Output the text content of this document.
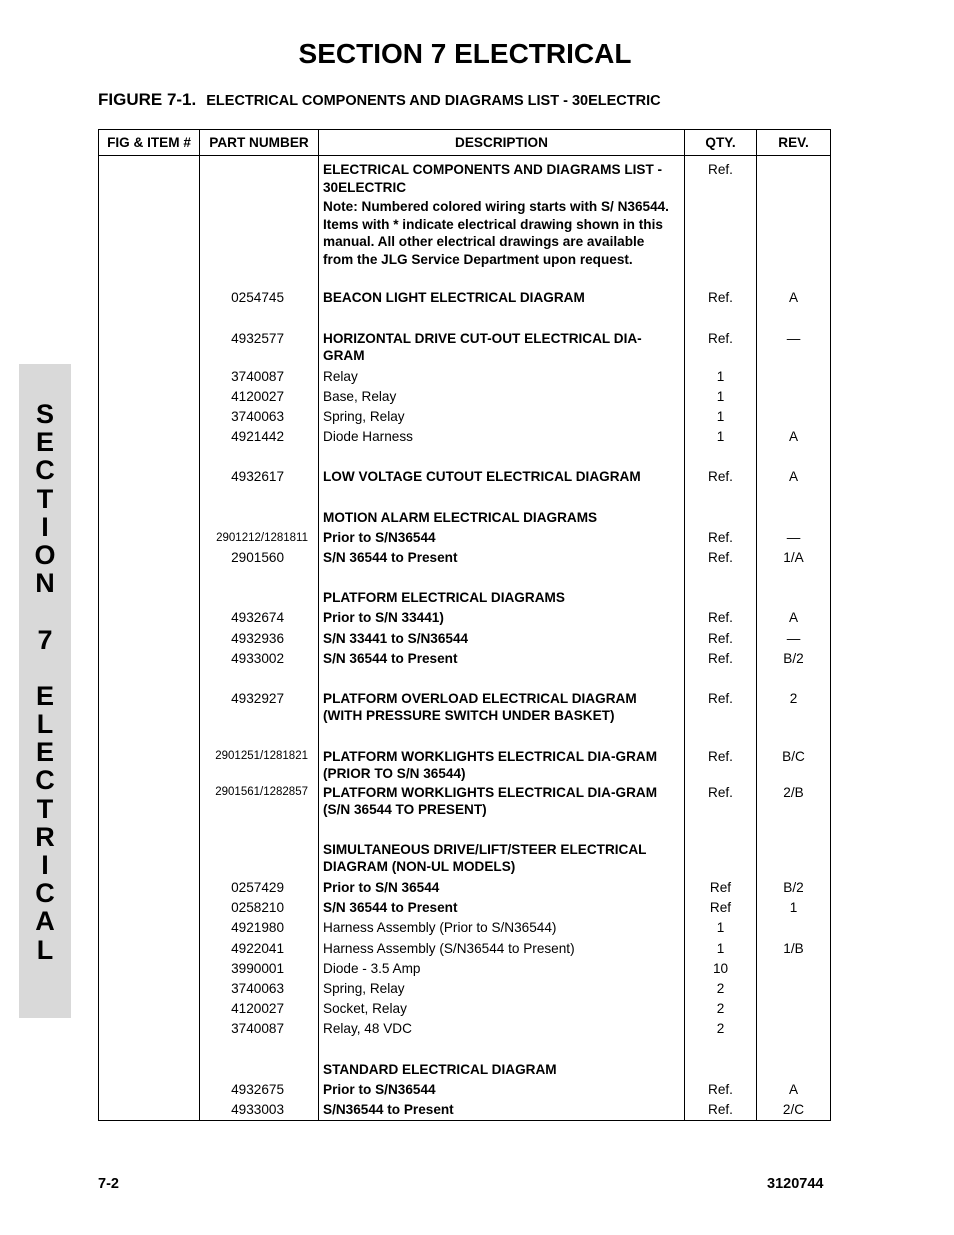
SECTION 7 ELECTRICAL
FIGURE 7-1. ELECTRICAL COMPONENTS AND DIAGRAMS LIST - 30ELECTRIC
S
E
C
T
I
O
N
7
E
L
E
C
T
R
I
C
A
L
FIG & ITEM #	PART NUMBER	DESCRIPTION	QTY.	REV.
		ELECTRICAL COMPONENTS AND DIAGRAMS LIST - 30ELECTRIC	Ref.	
		Note: Numbered colored wiring starts with S/ N36544. Items with * indicate electrical drawing shown in this manual. All other electrical drawings are available from the JLG Service Department upon request.		
	0254745	BEACON LIGHT ELECTRICAL DIAGRAM	Ref.	A
	4932577	HORIZONTAL DRIVE CUT-OUT ELECTRICAL DIA-GRAM	Ref.	—
	3740087	Relay	1	
	4120027	Base, Relay	1	
	3740063	Spring, Relay	1	
	4921442	Diode Harness	1	A
	4932617	LOW VOLTAGE CUTOUT ELECTRICAL DIAGRAM	Ref.	A
		MOTION ALARM ELECTRICAL DIAGRAMS		
	2901212/1281811	Prior to S/N36544	Ref.	—
	2901560	S/N 36544 to Present	Ref.	1/A
		PLATFORM ELECTRICAL DIAGRAMS		
	4932674	Prior to S/N 33441)	Ref.	A
	4932936	S/N 33441 to S/N36544	Ref.	—
	4933002	S/N 36544 to Present	Ref.	B/2
	4932927	PLATFORM OVERLOAD ELECTRICAL DIAGRAM (WITH PRESSURE SWITCH UNDER BASKET)	Ref.	2
	2901251/1281821	PLATFORM WORKLIGHTS ELECTRICAL DIA-GRAM (PRIOR TO S/N 36544)	Ref.	B/C
	2901561/1282857	PLATFORM WORKLIGHTS ELECTRICAL DIA-GRAM (S/N 36544 TO PRESENT)	Ref.	2/B
		SIMULTANEOUS DRIVE/LIFT/STEER ELECTRICAL DIAGRAM (NON-UL MODELS)		
	0257429	Prior to S/N 36544	Ref	B/2
	0258210	S/N 36544 to Present	Ref	1
	4921980	Harness Assembly (Prior to S/N36544)	1	
	4922041	Harness Assembly (S/N36544 to Present)	1	1/B
	3990001	Diode - 3.5 Amp	10	
	3740063	Spring, Relay	2	
	4120027	Socket, Relay	2	
	3740087	Relay, 48 VDC	2	
		STANDARD ELECTRICAL DIAGRAM		
	4932675	Prior to S/N36544	Ref.	A
	4933003	S/N36544 to Present	Ref.	2/C
7-2	3120744
